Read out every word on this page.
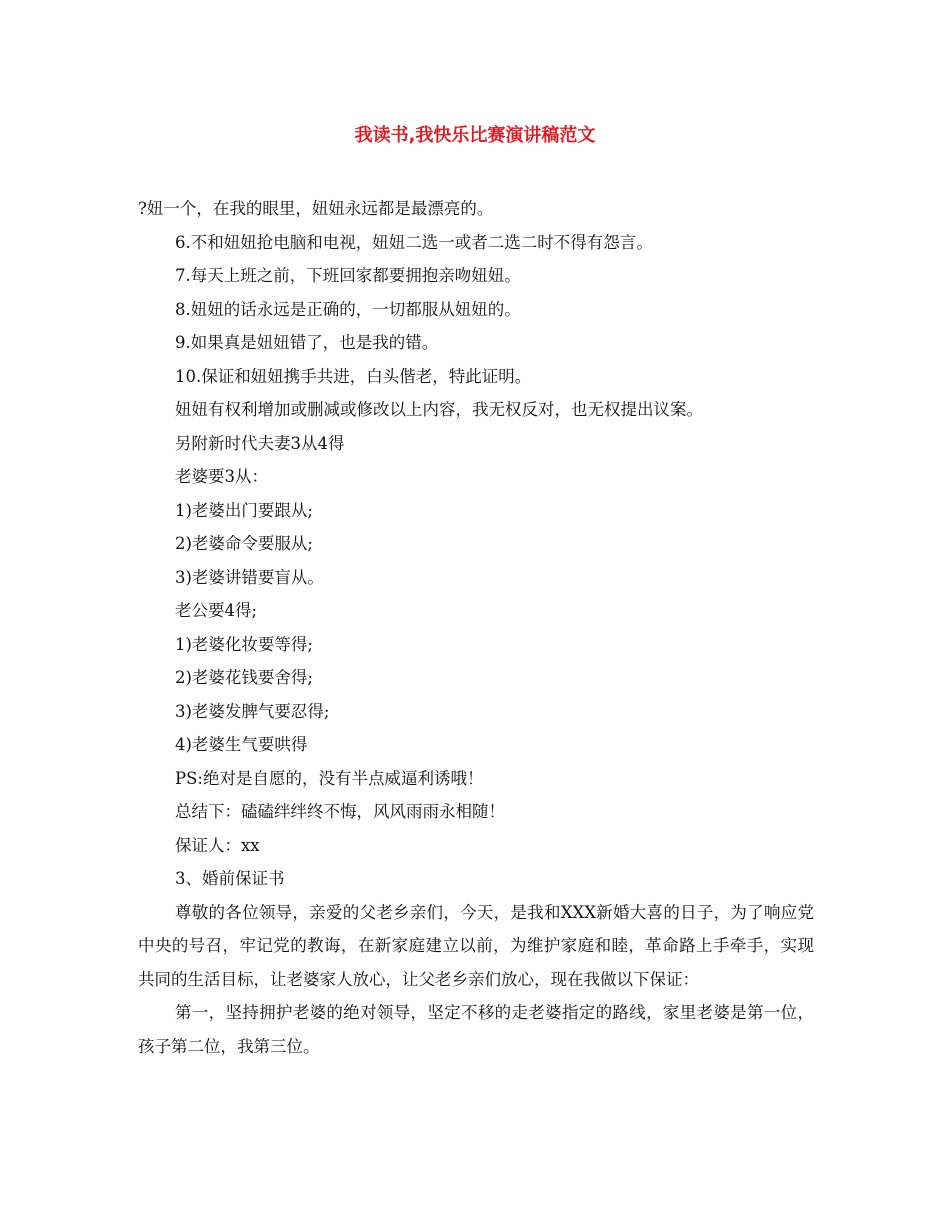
我读书,我快乐比赛演讲稿范文
?妞一个，在我的眼里，妞妞永远都是最漂亮的。
6.不和妞妞抢电脑和电视，妞妞二选一或者二选二时不得有怨言。
7.每天上班之前，下班回家都要拥抱亲吻妞妞。
8.妞妞的话永远是正确的，一切都服从妞妞的。
9.如果真是妞妞错了，也是我的错。
10.保证和妞妞携手共进，白头偕老，特此证明。
妞妞有权利增加或删减或修改以上内容，我无权反对，也无权提出议案。
另附新时代夫妻3从4得
老婆要3从：
1)老婆出门要跟从;
2)老婆命令要服从;
3)老婆讲错要盲从。
老公要4得;
1)老婆化妆要等得;
2)老婆花钱要舍得;
3)老婆发脾气要忍得;
4)老婆生气要哄得
PS:绝对是自愿的，没有半点威逼利诱哦！
总结下：磕磕绊绊终不悔，风风雨雨永相随！
保证人：xx
3、婚前保证书

尊敬的各位领导，亲爱的父老乡亲们，今天，是我和XXX新婚大喜的日子，为了响应党中央的号召，牢记党的教诲，在新家庭建立以前，为维护家庭和睦，革命路上手牵手，实现共同的生活目标，让老婆家人放心，让父老乡亲们放心，现在我做以下保证：

第一，坚持拥护老婆的绝对领导，坚定不移的走老婆指定的路线，家里老婆是第一位，孩子第二位，我第三位。
